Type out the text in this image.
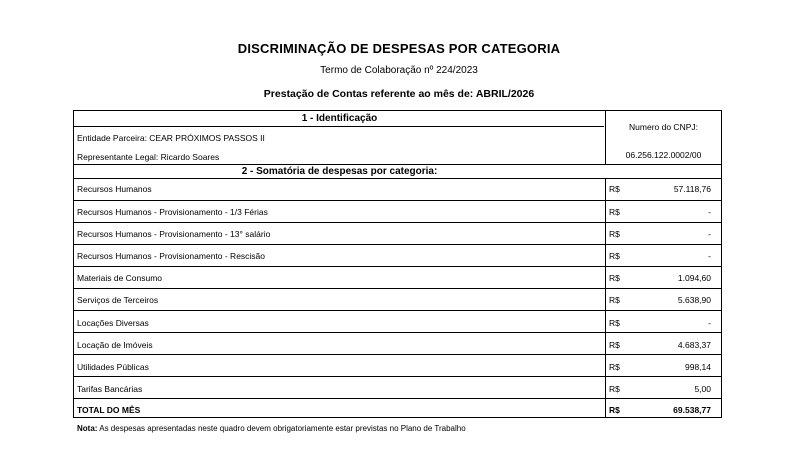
DISCRIMINAÇÃO DE DESPESAS POR CATEGORIA
Termo de Colaboração nº 224/2023
Prestação de Contas referente ao mês de: ABRIL/2026
1 - Identificação
Entidade Parceira: CEAR PRÓXIMOS PASSOS II
Representante Legal: Ricardo Soares
Numero do CNPJ:
06.256.122.0002/00
2 - Somatória de despesas por categoria:
Recursos Humanos	R$	57.118,76
Recursos Humanos - Provisionamento - 1/3 Férias	R$	-
Recursos Humanos - Provisionamento - 13° salário	R$	-
Recursos Humanos - Provisionamento - Rescisão	R$	-
Materiais de Consumo	R$	1.094,60
Serviços de Terceiros	R$	5.638,90
Locações Diversas	R$	-
Locação de Imóveis	R$	4.683,37
Utilidades Públicas	R$	998,14
Tarifas Bancárias	R$	5,00
TOTAL DO MÊS	R$	69.538,77
Nota: As despesas apresentadas neste quadro devem obrigatoriamente estar previstas no Plano de Trabalho
